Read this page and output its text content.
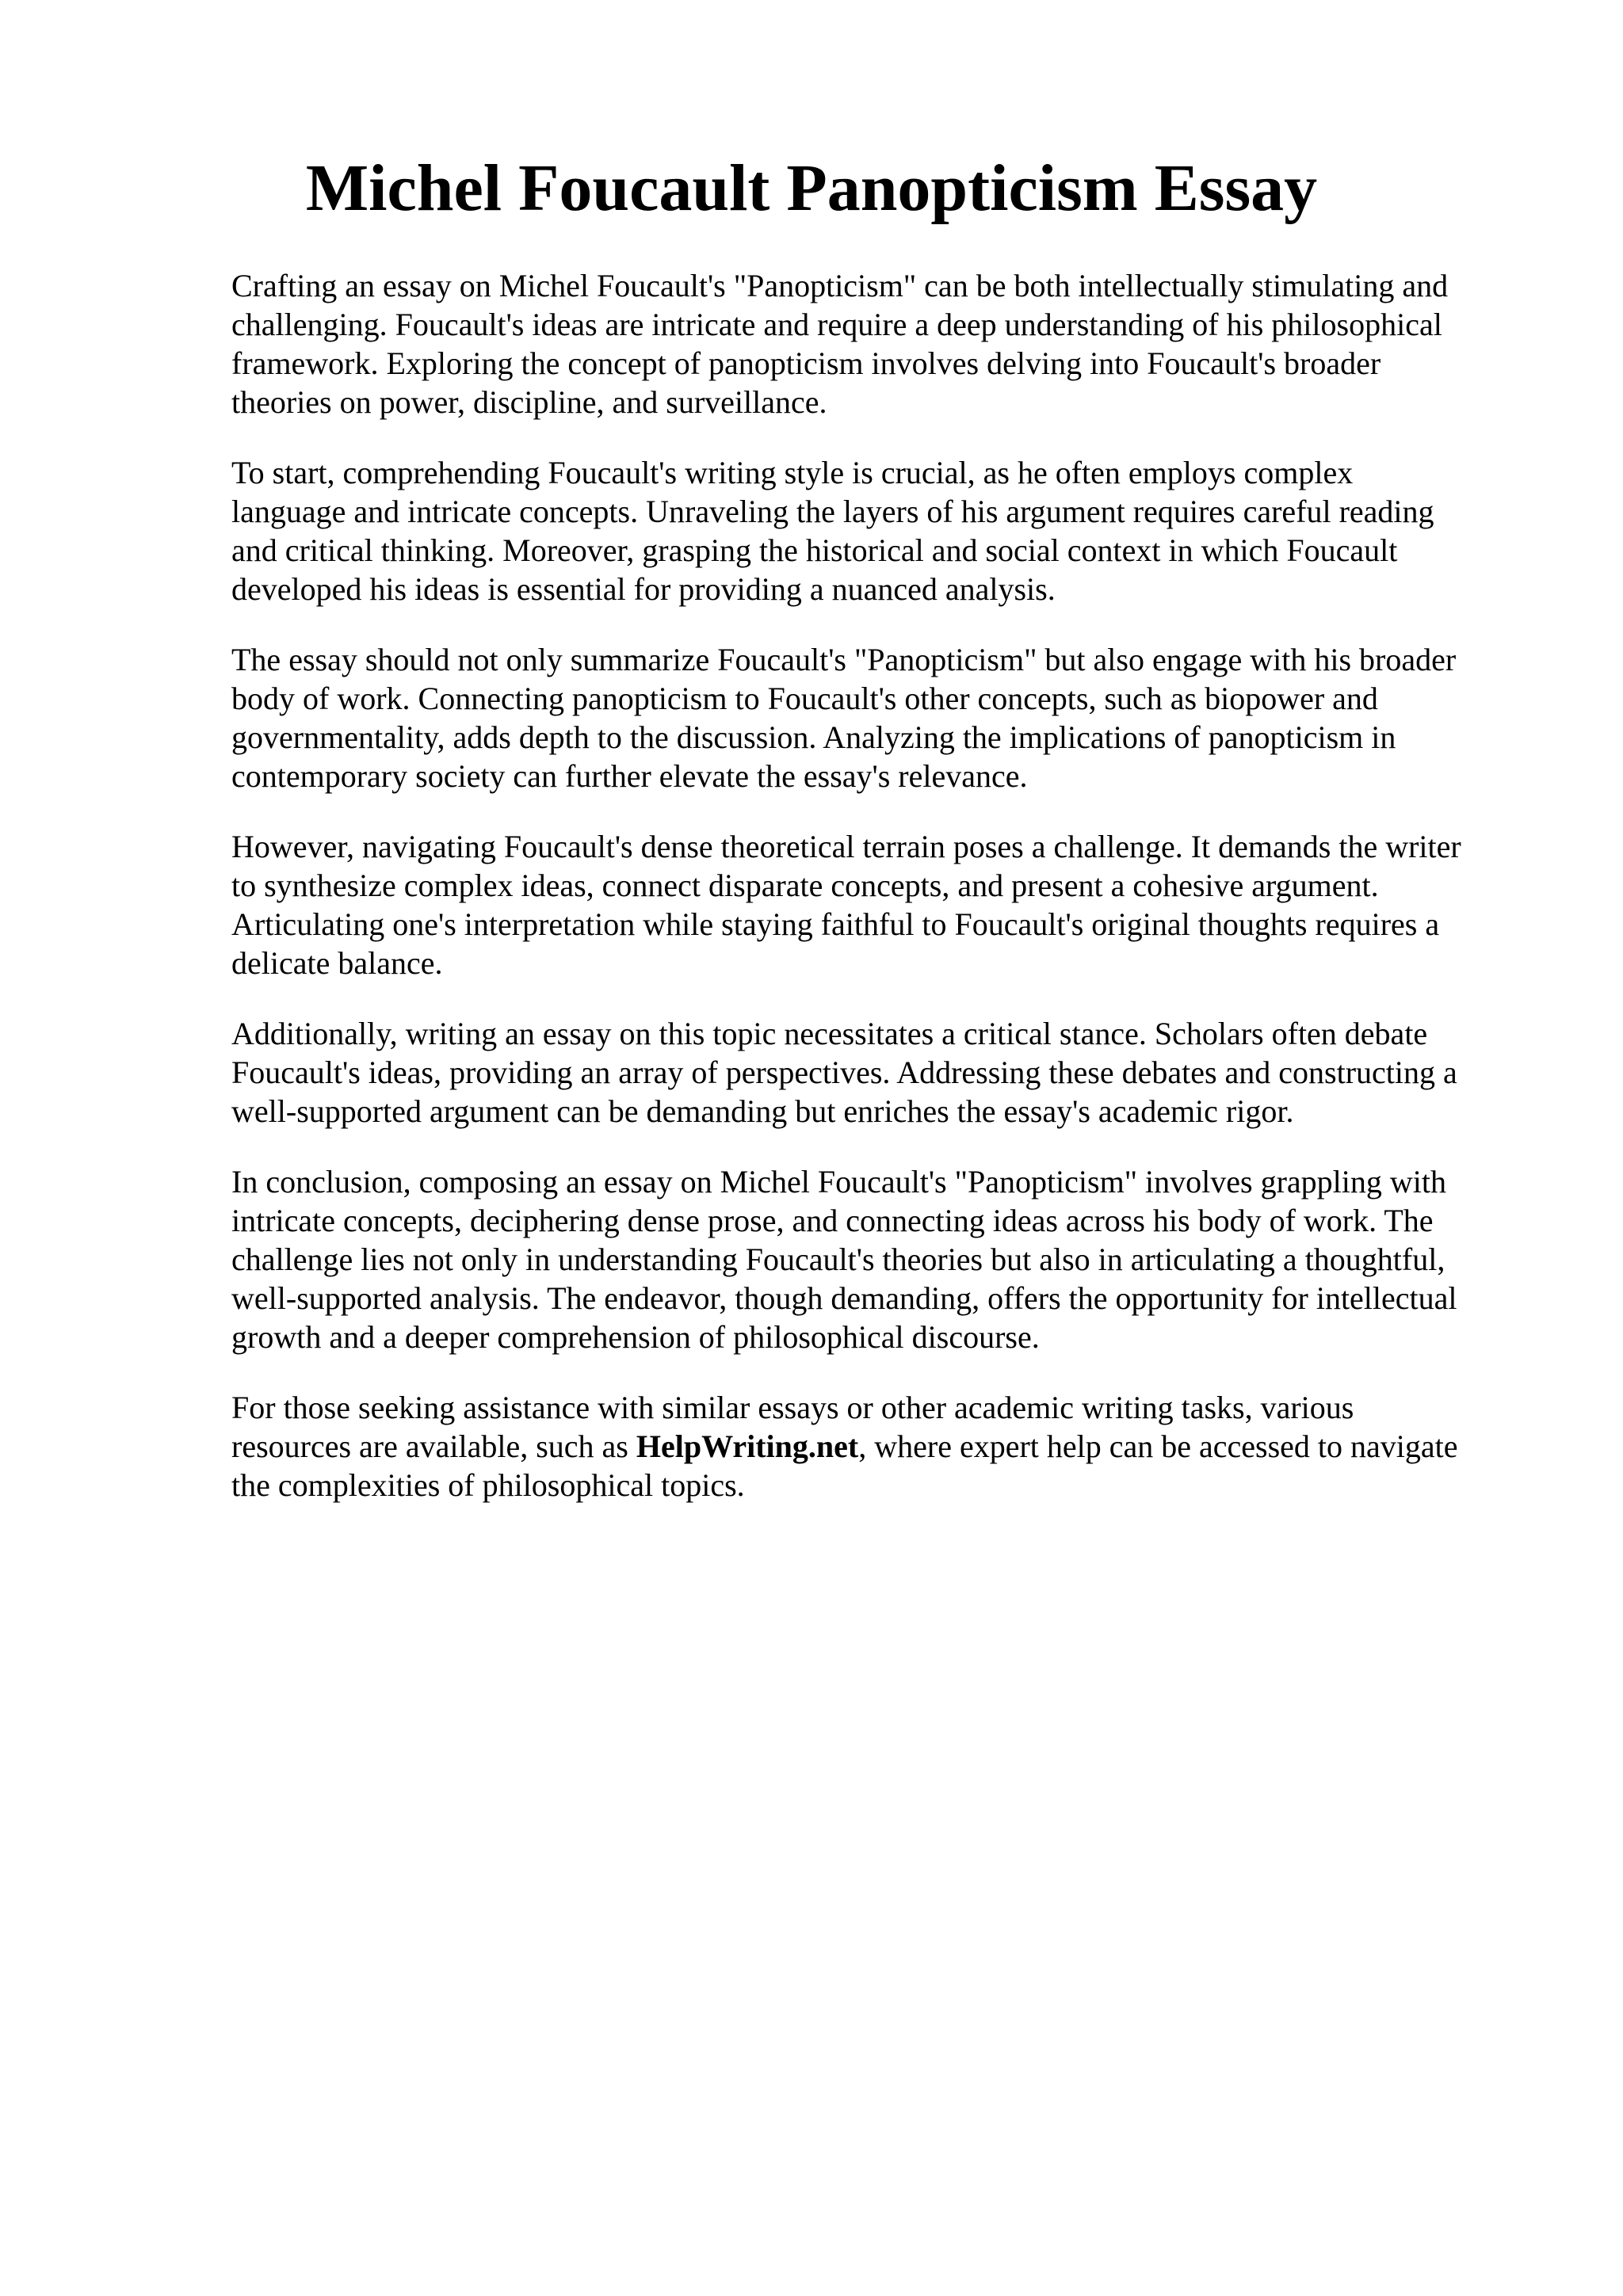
Michel Foucault Panopticism Essay

Crafting an essay on Michel Foucault's "Panopticism" can be both intellectually stimulating and
challenging. Foucault's ideas are intricate and require a deep understanding of his philosophical
framework. Exploring the concept of panopticism involves delving into Foucault's broader
theories on power, discipline, and surveillance.

To start, comprehending Foucault's writing style is crucial, as he often employs complex
language and intricate concepts. Unraveling the layers of his argument requires careful reading
and critical thinking. Moreover, grasping the historical and social context in which Foucault
developed his ideas is essential for providing a nuanced analysis.

The essay should not only summarize Foucault's "Panopticism" but also engage with his broader
body of work. Connecting panopticism to Foucault's other concepts, such as biopower and
governmentality, adds depth to the discussion. Analyzing the implications of panopticism in
contemporary society can further elevate the essay's relevance.

However, navigating Foucault's dense theoretical terrain poses a challenge. It demands the writer
to synthesize complex ideas, connect disparate concepts, and present a cohesive argument.
Articulating one's interpretation while staying faithful to Foucault's original thoughts requires a
delicate balance.

Additionally, writing an essay on this topic necessitates a critical stance. Scholars often debate
Foucault's ideas, providing an array of perspectives. Addressing these debates and constructing a
well-supported argument can be demanding but enriches the essay's academic rigor.

In conclusion, composing an essay on Michel Foucault's "Panopticism" involves grappling with
intricate concepts, deciphering dense prose, and connecting ideas across his body of work. The
challenge lies not only in understanding Foucault's theories but also in articulating a thoughtful,
well-supported analysis. The endeavor, though demanding, offers the opportunity for intellectual
growth and a deeper comprehension of philosophical discourse.

For those seeking assistance with similar essays or other academic writing tasks, various
resources are available, such as HelpWriting.net, where expert help can be accessed to navigate
the complexities of philosophical topics.
